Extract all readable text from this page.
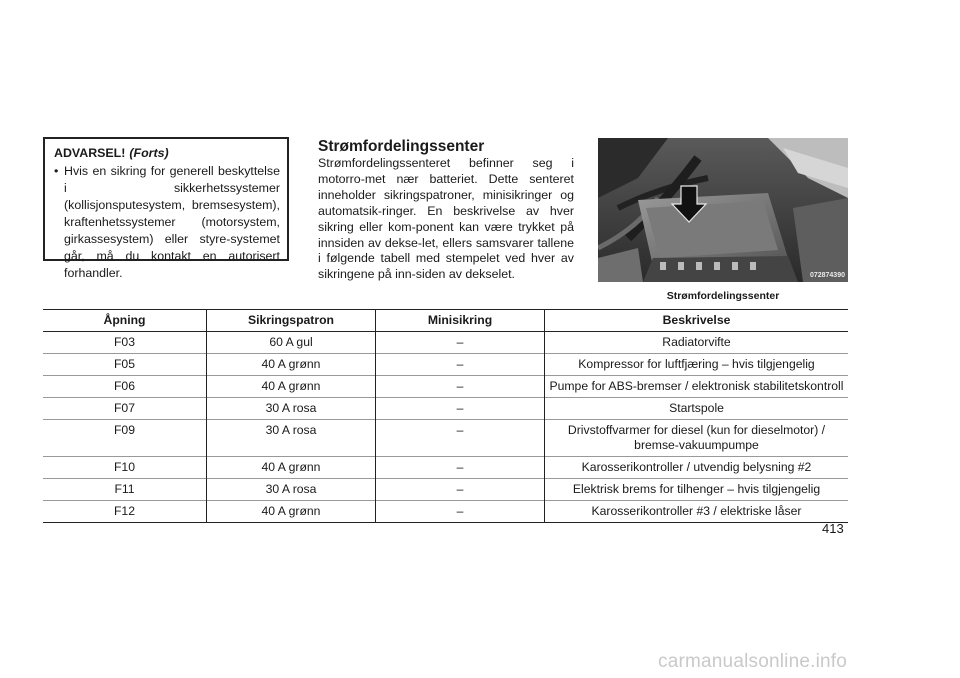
ADVARSEL! (Forts)
• Hvis en sikring for generell beskyttelse i sikkerhetssystemer (kollisjonsputesystem, bremsesystem), kraftenhetssystemer (motorsystem, girkassesystem) eller styre-systemet går, må du kontakt en autorisert forhandler.
Strømfordelingssenter
Strømfordelingssenteret befinner seg i motorro-met nær batteriet. Dette senteret inneholder sikringspatroner, minisikringer og automatsik-ringer. En beskrivelse av hver sikring eller kom-ponent kan være trykket på innsiden av dekse-let, ellers samsvarer tallene i følgende tabell med stempelet ved hver av sikringene på inn-siden av dekselet.	072874390
Strømfordelingssenter
Åpning	Sikringspatron	Minisikring	Beskrivelse
F03	60 A gul	–	Radiatorvifte
F05	40 A grønn	–	Kompressor for luftfjæring – hvis tilgjengelig
F06	40 A grønn	–	Pumpe for ABS-bremser / elektronisk stabilitetskontroll
F07	30 A rosa	–	Startspole
F09	30 A rosa	–	Drivstoffvarmer for diesel (kun for dieselmotor) / bremse-vakuumpumpe
F10	40 A grønn	–	Karosserikontroller / utvendig belysning #2
F11	30 A rosa	–	Elektrisk brems for tilhenger – hvis tilgjengelig
F12	40 A grønn	–	Karosserikontroller #3 / elektriske låser
413
carmanualsonline.info
